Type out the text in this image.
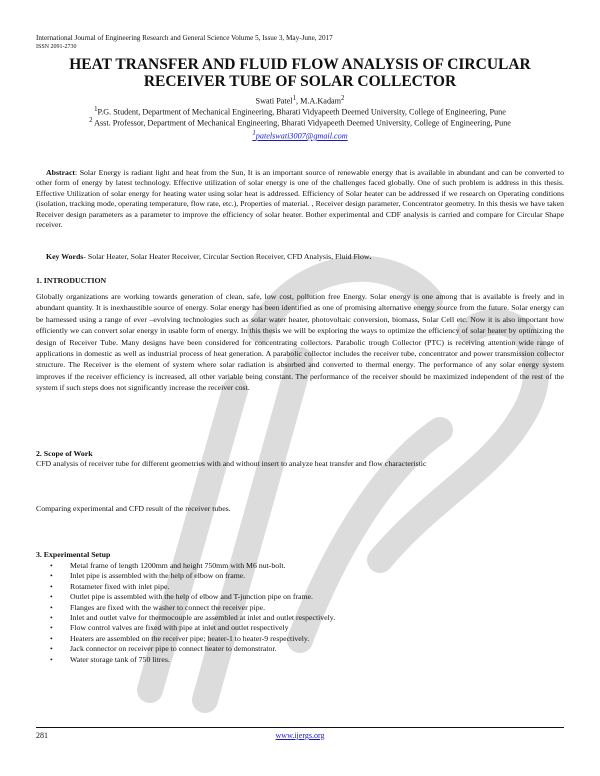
International Journal of Engineering Research and General Science Volume 5, Issue 3, May-June, 2017
ISSN 2091-2730
HEAT TRANSFER AND FLUID FLOW ANALYSIS OF CIRCULAR
RECEIVER TUBE OF SOLAR COLLECTOR
Swati Patel$^1$, M.A.Kadam$^2$
$^1$P.G. Student, Department of Mechanical Engineering, Bharati Vidyapeeth Deemed University, College of Engineering, Pune
$^2$ Asst. Professor, Department of Mechanical Engineering, Bharati Vidyapeeth Deemed University, College of Engineering, Pune
$^1$patelswati3007@gmail.com
Abstract: Solar Energy is radiant light and heat from the Sun, It is an important source of renewable energy that is available in abundant and can be converted to other form of energy by latest technology. Effective utilization of solar energy is one of the challenges faced globally. One of such problem is address in this thesis. Effective Utilization of solar energy for heating water using solar heat is addressed. Efficiency of Solar heater can be addressed if we research on Operating conditions (isolation, tracking mode, operating temperature, flow rate, etc.), Properties of material. , Receiver design parameter, Concentrator geometry. In this thesis we have taken Receiver design parameters as a parameter to improve the efficiency of solar heater. Bother experimental and CDF analysis is carried and compare for Circular Shape receiver.
Key Words- Solar Heater, Solar Heater Receiver, Circular Section Receiver, CFD Analysis, Fluid Flow.
1. INTRODUCTION
Globally organizations are working towards generation of clean, safe, low cost, pollution free Energy. Solar energy is one among that is available is freely and in abundant quantity. It is inexhaustible source of energy. Solar energy has been identified as one of promising alternative energy source from the future. Solar energy can be harnessed using a range of ever –evolving technologies such as solar water heater, photovoltaic conversion, biomass, Solar Cell etc. Now it is also important how efficiently we can convert solar energy in usable form of energy. In this thesis we will be exploring the ways to optimize the efficiency of solar heater by optimizing the design of Receiver Tube. Many designs have been considered for concentrating collectors. Parabolic trough Collector (PTC) is receiving attention wide range of applications in domestic as well as industrial process of heat generation. A parabolic collector includes the receiver tube, concentrator and power transmission collector structure. The Receiver is the element of system where solar radiation is absorbed and converted to thermal energy. The performance of any solar energy system improves if the receiver efficiency is increased, all other variable being constant. The performance of the receiver should be maximized independent of the rest of the system if such steps does not significantly increase the receiver cost.
2. Scope of Work
CFD analysis of receiver tube for different geometries with and without insert to analyze heat transfer and flow characteristic
Comparing experimental and CFD result of the receiver tubes.
3. Experimental Setup
• Metal frame of length 1200mm and height 750mm with M6 nut-bolt.
• Inlet pipe is assembled with the help of elbow on frame.
• Rotameter fixed with inlet pipe.
• Outlet pipe is assembled with the help of elbow and T-junction pipe on frame.
• Flanges are fixed with the washer to connect the receiver pipe.
• Inlet and outlet valve for thermocouple are assembled at inlet and outlet respectively.
• Flow control valves are fixed with pipe at inlet and outlet respectively
• Heaters are assembled on the receiver pipe; heater-1 to heater-9 respectively.
• Jack connector on receiver pipe to connect heater to demonstrator.
• Water storage tank of 750 litres.
281	www.ijergs.org
